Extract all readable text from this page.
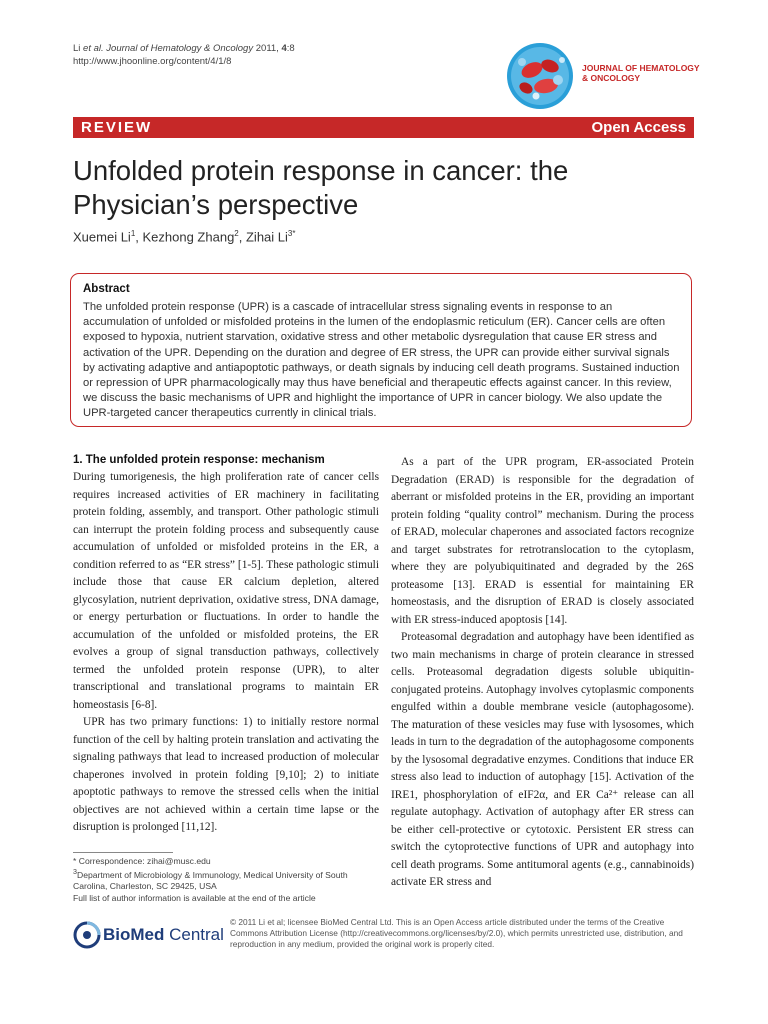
Li et al. Journal of Hematology & Oncology 2011, 4:8
http://www.jhoonline.org/content/4/1/8
JOURNAL OF HEMATOLOGY
& ONCOLOGY
REVIEW	Open Access
Unfolded protein response in cancer: the Physician’s perspective
Xuemei Li$^1$, Kezhong Zhang$^2$, Zihai $Li^{3*}$
Abstract
The unfolded protein response (UPR) is a cascade of intracellular stress signaling events in response to an accumulation of unfolded or misfolded proteins in the lumen of the endoplasmic reticulum (ER). Cancer cells are often exposed to hypoxia, nutrient starvation, oxidative stress and other metabolic dysregulation that cause ER stress and activation of the UPR. Depending on the duration and degree of ER stress, the UPR can provide either survival signals by activating adaptive and antiapoptotic pathways, or death signals by inducing cell death programs. Sustained induction or repression of UPR pharmacologically may thus have beneficial and therapeutic effects against cancer. In this review, we discuss the basic mechanisms of UPR and highlight the importance of UPR in cancer biology. We also update the UPR-targeted cancer therapeutics currently in clinical trials.
1. The unfolded protein response: mechanism

During tumorigenesis, the high proliferation rate of cancer cells requires increased activities of ER machinery in facilitating protein folding, assembly, and transport. Other pathologic stimuli can interrupt the protein folding process and subsequently cause accumulation of unfolded or misfolded proteins in the ER, a condition referred to as “ER stress” [1-5]. These pathologic stimuli include those that cause ER calcium depletion, altered glycosylation, nutrient deprivation, oxidative stress, DNA damage, or energy perturbation or fluctuations. In order to handle the accumulation of the unfolded or misfolded proteins, the ER evolves a group of signal transduction pathways, collectively termed the unfolded protein response (UPR), to alter transcriptional and translational programs to maintain ER homeostasis [6-8].

UPR has two primary functions: 1) to initially restore normal function of the cell by halting protein translation and activating the signaling pathways that lead to increased production of molecular chaperones involved in protein folding [9,10]; 2) to initiate apoptotic pathways to remove the stressed cells when the initial objectives are not achieved within a certain time lapse or the disruption is prolonged [11,12].

As a part of the UPR program, ER-associated Protein Degradation (ERAD) is responsible for the degradation of aberrant or misfolded proteins in the ER, providing an important protein folding “quality control” mechanism. During the process of ERAD, molecular chaperones and associated factors recognize and target substrates for retrotranslocation to the cytoplasm, where they are polyubiquitinated and degraded by the 26S proteasome [13]. ERAD is essential for maintaining ER homeostasis, and the disruption of ERAD is closely associated with ER stress-induced apoptosis [14].

Proteasomal degradation and autophagy have been identified as two main mechanisms in charge of protein clearance in stressed cells. Proteasomal degradation digests soluble ubiquitin-conjugated proteins. Autophagy involves cytoplasmic components engulfed within a double membrane vesicle (autophagosome). The maturation of these vesicles may fuse with lysosomes, which leads in turn to the degradation of the autophagosome components by the lysosomal degradative enzymes. Conditions that induce ER stress also lead to induction of autophagy [15]. Activation of the IRE1, phosphorylation of eIF2α, and ER Ca²⁺ release can all regulate autophagy. Activation of autophagy after ER stress can be either cell-protective or cytotoxic. Persistent ER stress can switch the cytoprotective functions of UPR and autophagy into cell death programs. Some antitumoral agents (e.g., cannabinoids) activate ER stress and

* Correspondence: zihai@musc.edu
$^3$Department of Microbiology & Immunology, Medical University of South Carolina, Charleston, SC 29425, USA
Full list of author information is available at the end of the article
BioMed Central
© 2011 Li et al; licensee BioMed Central Ltd. This is an Open Access article distributed under the terms of the Creative Commons Attribution License (http://creativecommons.org/licenses/by/2.0), which permits unrestricted use, distribution, and reproduction in any medium, provided the original work is properly cited.
